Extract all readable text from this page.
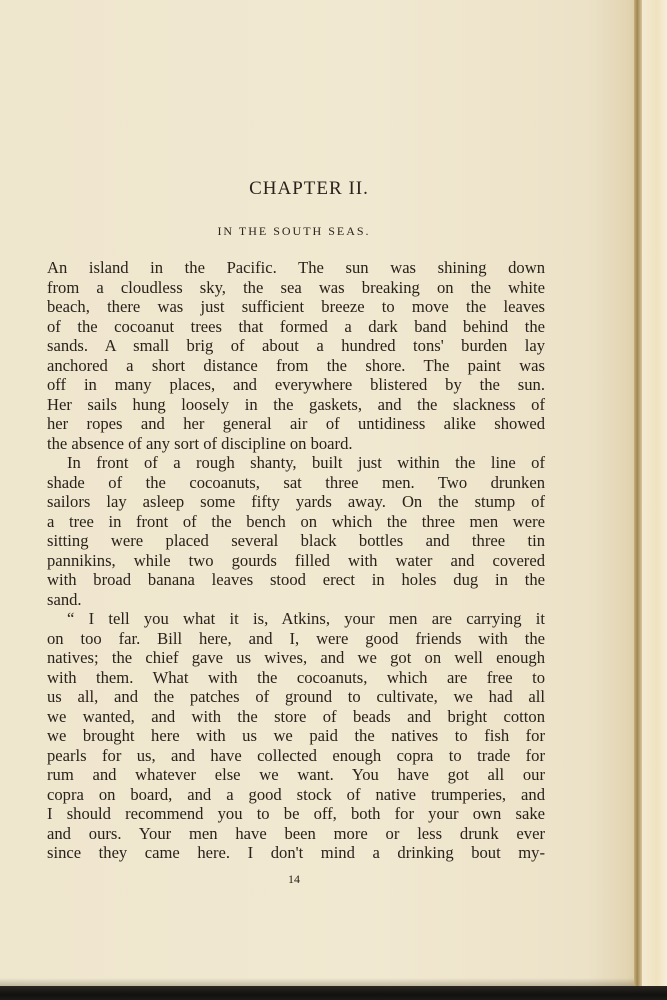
CHAPTER II.
IN THE SOUTH SEAS.
An island in the Pacific. The sun was shining down
from a cloudless sky, the sea was breaking on the white
beach, there was just sufficient breeze to move the leaves
of the cocoanut trees that formed a dark band behind the
sands. A small brig of about a hundred tons' burden lay
anchored a short distance from the shore. The paint was
off in many places, and everywhere blistered by the sun.
Her sails hung loosely in the gaskets, and the slackness of
her ropes and her general air of untidiness alike showed
the absence of any sort of discipline on board.
In front of a rough shanty, built just within the line of
shade of the cocoanuts, sat three men. Two drunken
sailors lay asleep some fifty yards away. On the stump of
a tree in front of the bench on which the three men were
sitting were placed several black bottles and three tin
pannikins, while two gourds filled with water and covered
with broad banana leaves stood erect in holes dug in the
sand.
“ I tell you what it is, Atkins, your men are carrying it
on too far. Bill here, and I, were good friends with the
natives; the chief gave us wives, and we got on well enough
with them. What with the cocoanuts, which are free to
us all, and the patches of ground to cultivate, we had all
we wanted, and with the store of beads and bright cotton
we brought here with us we paid the natives to fish for
pearls for us, and have collected enough copra to trade for
rum and whatever else we want. You have got all our
copra on board, and a good stock of native trumperies, and
I should recommend you to be off, both for your own sake
and ours. Your men have been more or less drunk ever
since they came here. I don't mind a drinking bout my-
14
